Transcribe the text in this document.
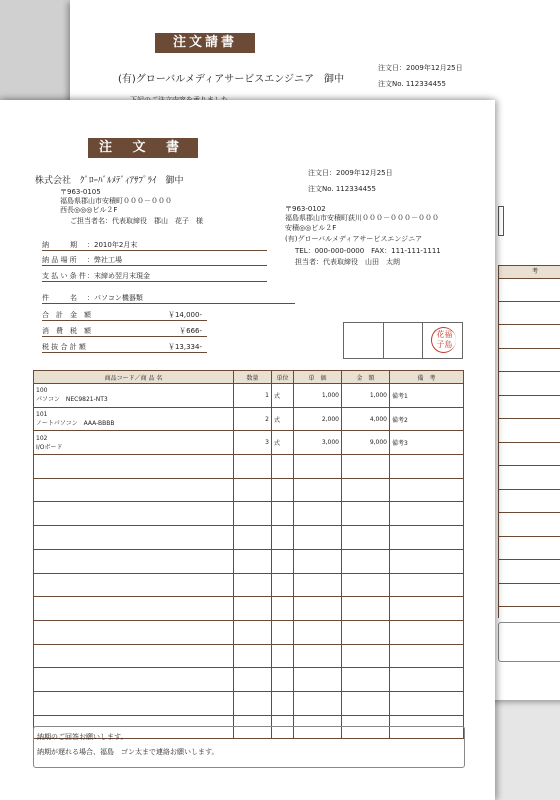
注文請書
(有)グローバルメディアサービスエンジニア　御中
注文日：2009年12月25日
注文No. 112334455
考
注 文 書
株式会社　ｸﾞﾛｰﾊﾞﾙﾒﾃﾞｨｱｻﾌﾟﾗｲ　御中
〒963-0105
福島県郡山市安積町０００－０００
西長◎◎◎ビル２F
ご担当者名：代表取締役　郡山　花子　様
注文日：2009年12月25日
注文No. 112334455
〒963-0102
福島県郡山市安積町荻川０００－０００－０００
安積◎◎ビル２F
(有)グローバルメディアサービスエンジニア
TEL：000-000-0000　FAX：111-111-1111
担当者：代表取締役　山田　太朗
納　　　期 ：2010年2月末
納 品 場 所 ：弊社工場
支 払 い 条 件：末締め翌月末現金
件　　　名 ：パソコン機器類
合　計　金　額	￥14,000-
消　費　税　額	￥666-
税 抜 合 計 額	￥13,334-
花福
子島
商品コード／商 品 名	数量	単位	単　価	金　額	備　考

100
パソコン　NEC9821-NT3	1	式	1,000	1,000	備考1

101
ノートパソコン　AAA-BBBB	2	式	2,000	4,000	備考2

102
I/Oボード	3	式	3,000	9,000	備考3

納期のご回答お願いします。
納期が遅れる場合、福島　ゴン太まで連絡お願いします。
